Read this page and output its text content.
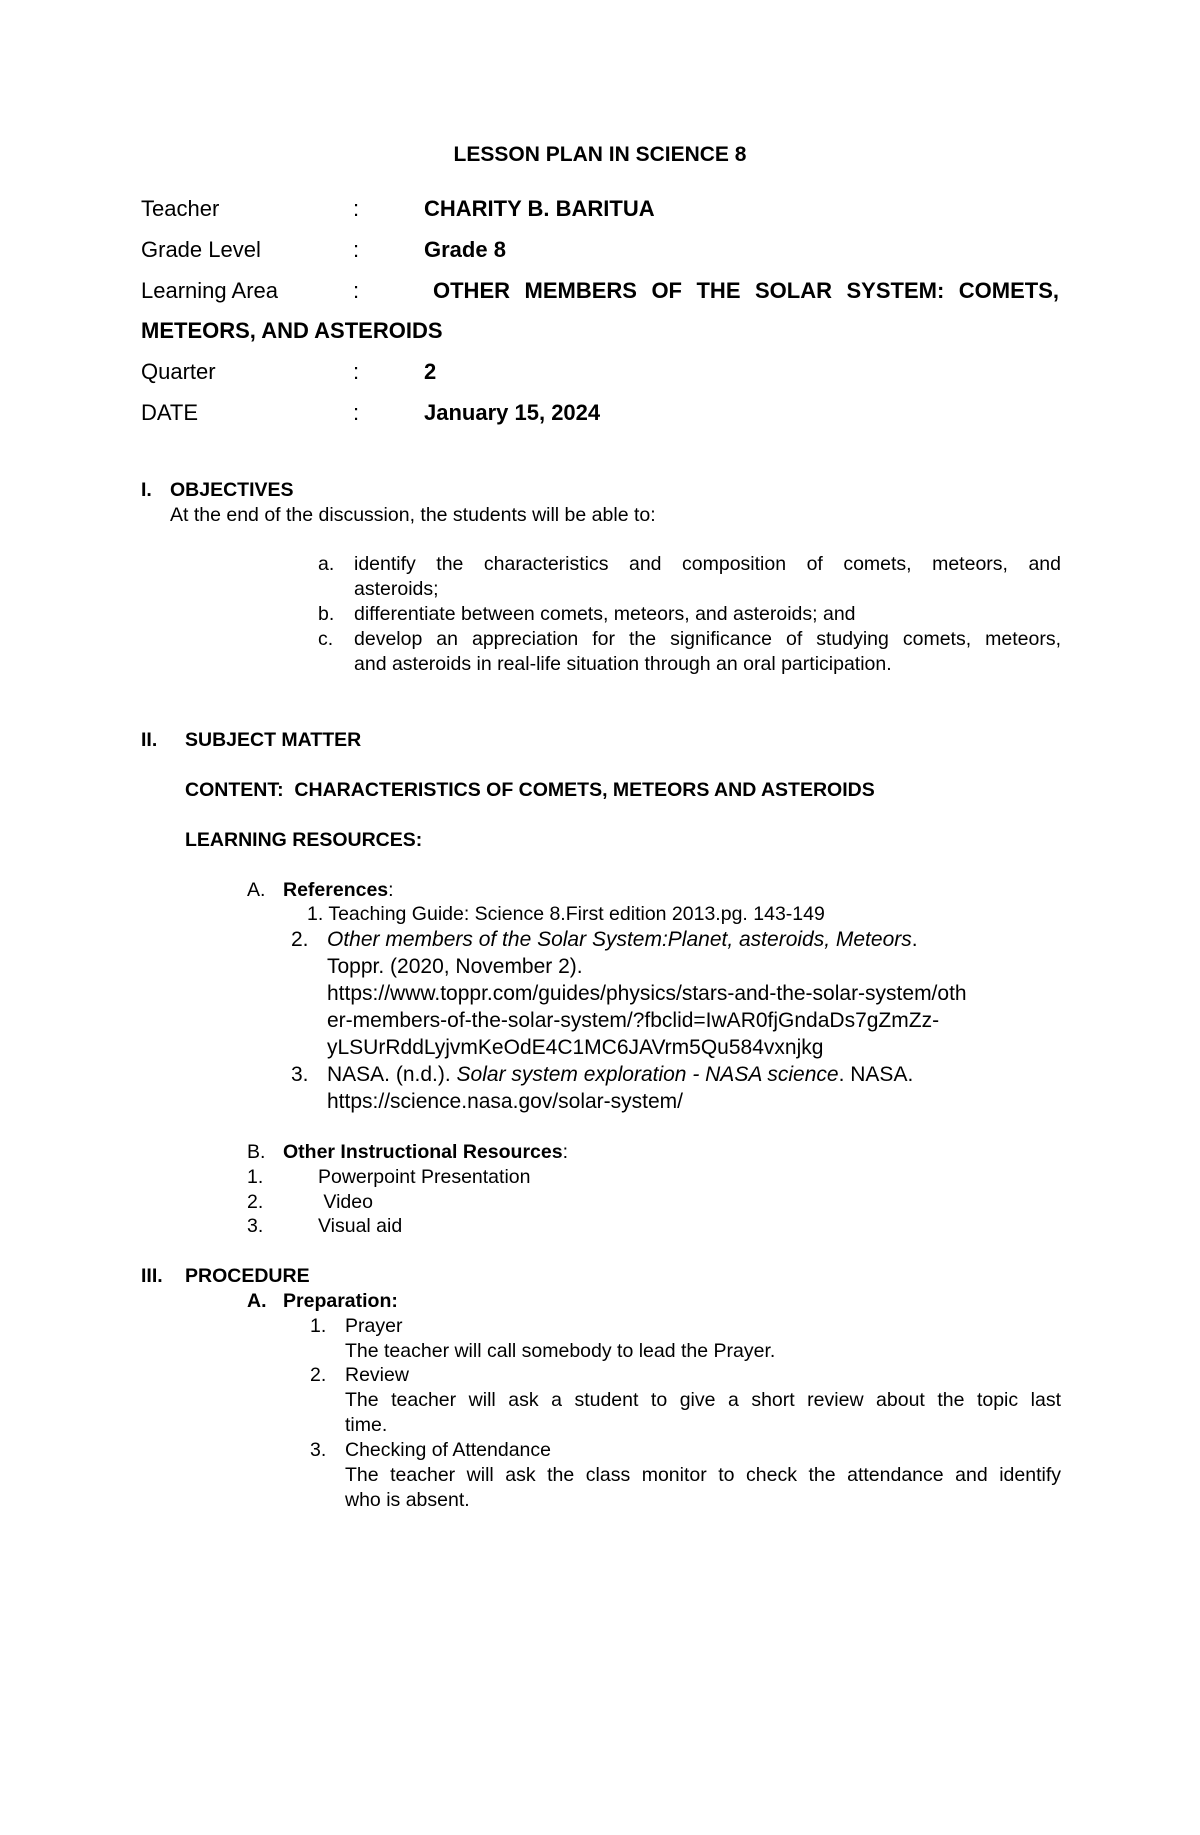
LESSON PLAN IN SCIENCE 8
Teacher	:	CHARITY B. BARITUA
Grade Level	:	Grade 8
Learning Area	:	OTHER MEMBERS OF THE SOLAR SYSTEM: COMETS,
METEORS, AND ASTEROIDS
Quarter	:	2
DATE	:	January 15, 2024
I. OBJECTIVES
At the end of the discussion, the students will be able to:
a. identify the characteristics and composition of comets, meteors, and
asteroids;
b. differentiate between comets, meteors, and asteroids; and
c. develop an appreciation for the significance of studying comets, meteors,
and asteroids in real-life situation through an oral participation.
II. SUBJECT MATTER
CONTENT:  CHARACTERISTICS OF COMETS, METEORS AND ASTEROIDS
LEARNING RESOURCES:
A. References:
1. Teaching Guide: Science 8.First edition 2013.pg. 143-149
2. Other members of the Solar System:Planet, asteroids, Meteors.
Toppr. (2020, November 2).
https://www.toppr.com/guides/physics/stars-and-the-solar-system/oth
er-members-of-the-solar-system/?fbclid=IwAR0fjGndaDs7gZmZz-
yLSUrRddLyjvmKeOdE4C1MC6JAVrm5Qu584vxnjkg
3. NASA. (n.d.). Solar system exploration - NASA science. NASA.
https://science.nasa.gov/solar-system/
B. Other Instructional Resources:
1.	Powerpoint Presentation
2.	Video
3.	Visual aid
III. PROCEDURE
A. Preparation:
1. Prayer
The teacher will call somebody to lead the Prayer.
2. Review
The teacher will ask a student to give a short review about the topic last
time.
3. Checking of Attendance
The teacher will ask the class monitor to check the attendance and identify
who is absent.
